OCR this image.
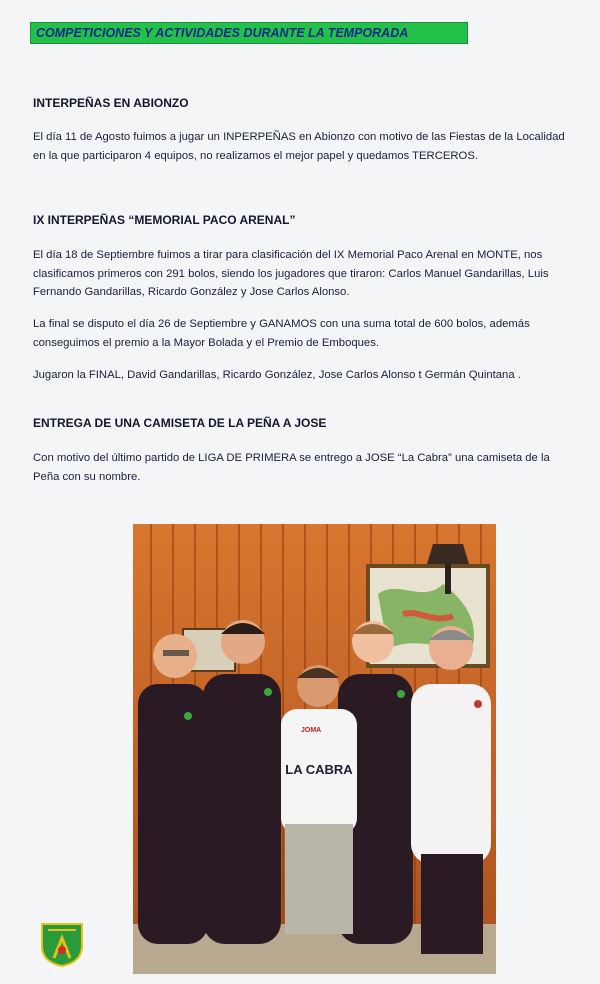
COMPETICIONES Y ACTIVIDADES DURANTE LA TEMPORADA
INTERPEÑAS EN ABIONZO

El día 11 de Agosto fuimos a jugar un INPERPEÑAS en Abionzo con motivo de las Fiestas de la Localidad en la que participaron 4 equipos, no realizamos el mejor papel y quedamos TERCEROS.

IX INTERPEÑAS “MEMORIAL PACO ARENAL”

El día 18 de Septiembre fuimos a tirar para clasificación del IX Memorial Paco Arenal en MONTE, nos clasificamos primeros con 291 bolos, siendo los jugadores que tiraron: Carlos Manuel Gandarillas, Luis Fernando Gandarillas, Ricardo González y Jose Carlos Alonso.

La final se disputo el día 26 de Septiembre y GANAMOS con una suma total de 600 bolos, además conseguimos el premio a la Mayor Bolada y el Premio de Emboques.

Jugaron la FINAL, David Gandarillas, Ricardo González, Jose Carlos Alonso t Germán Quintana .

ENTREGA DE UNA CAMISETA DE LA PEÑA A JOSE

Con motivo del último partido de LIGA DE PRIMERA se entrego a JOSE “La Cabra” una camiseta de la Peña con su nombre.

LA CABRA
JOMA
